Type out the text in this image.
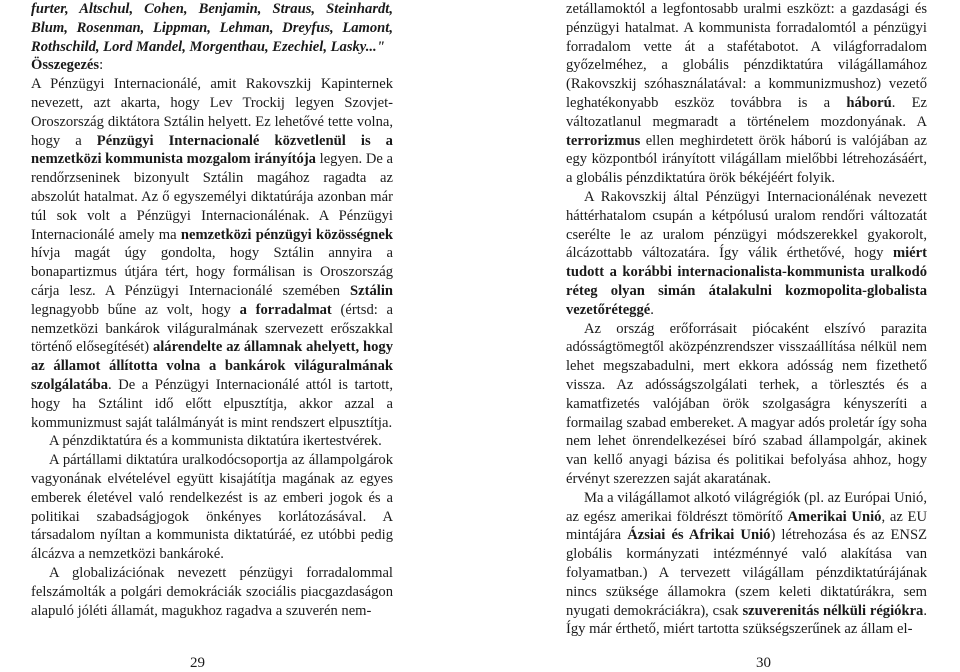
furter, Altschul, Cohen, Benjamin, Straus, Steinhardt, Blum, Rosenman, Lippman, Lehman, Dreyfus, Lamont, Rothschild, Lord Mandel, Morgenthau, Ezechiel, Lasky..."

Összegezés:

A Pénzügyi Internacionálé, amit Rakovszkij Kapinternek nevezett, azt akarta, hogy Lev Trockij legyen Szovjet-Oroszország diktátora Sztálin helyett. Ez lehetővé tette volna, hogy a Pénzügyi Internacionalé közvetlenül is a nemzetközi kommunista mozgalom irányítója legyen. De a rendőrzseninek bizonyult Sztálin magához ragadta az abszolút hatalmat. Az ő egyszemélyi diktatúrája azonban már túl sok volt a Pénzügyi Internacionálénak. A Pénzügyi Internacionálé amely ma nemzetközi pénzügyi közösségnek hívja magát úgy gondolta, hogy Sztálin annyira a bonapartizmus útjára tért, hogy formálisan is Oroszország cárja lesz. A Pénzügyi Internacionálé szemében Sztálin legnagyobb bűne az volt, hogy a forradalmat (értsd: a nemzetközi bankárok világuralmának szervezett erőszakkal történő elősegítését) alárendelte az államnak ahelyett, hogy az államot állította volna a bankárok világuralmának szolgálatába. De a Pénzügyi Internacionálé attól is tartott, hogy ha Sztálint idő előtt elpusztítja, akkor azzal a kommunizmust saját találmányát is mint rendszert elpusztítja.

A pénzdiktatúra és a kommunista diktatúra ikertestvérek.

A pártállami diktatúra uralkodócsoportja az állampolgárok vagyonának elvételével együtt kisajátítja magának az egyes emberek életével való rendelkezést is az emberi jogok és a politikai szabadságjogok önkényes korlátozásával. A társadalom nyíltan a kommunista diktatúráé, ez utóbbi pedig álcázva a nemzetközi bankároké.

A globalizációnak nevezett pénzügyi forradalommal felszámolták a polgári demokráciák szociális piacgazdaságon alapuló jóléti államát, magukhoz ragadva a szuverén nem-

zetállamoktól a legfontosabb uralmi eszközt: a gazdasági és pénzügyi hatalmat. A kommunista forradalomtól a pénzügyi forradalom vette át a stafétabotot. A világforradalom győzelméhez, a globális pénzdiktatúra világállamához (Rakovszkij szóhasználatával: a kommunizmushoz) vezető leghatékonyabb eszköz továbbra is a háború. Ez változatlanul megmaradt a történelem mozdonyának. A terrorizmus ellen meghirdetett örök háború is valójában az egy központból irányított világállam mielőbbi létrehozásáért, a globális pénzdiktatúra örök békéjéért folyik.

A Rakovszkij által Pénzügyi Internacionálénak nevezett háttérhatalom csupán a kétpólusú uralom rendőri változatát cserélte le az uralom pénzügyi módszerekkel gyakorolt, álcázottabb változatára. Így válik érthetővé, hogy miért tudott a korábbi internacionalista-kommunista uralkodó réteg olyan simán átalakulni kozmopolita-globalista vezetőréteggé.

Az ország erőforrásait piócaként elszívó parazita adósságtömegtől aközpénzrendszer visszaállítása nélkül nem lehet megszabadulni, mert ekkora adósság nem fizethető vissza. Az adósságszolgálati terhek, a törlesztés és a kamatfizetés valójában örök szolgaságra kényszeríti a formailag szabad embereket. A magyar adós proletár így soha nem lehet önrendelkezései bíró szabad állampolgár, akinek van kellő anyagi bázisa és politikai befolyása ahhoz, hogy érvényt szerezzen saját akaratának.

Ma a világállamot alkotó világrégiók (pl. az Európai Unió, az egész amerikai földrészt tömörítő Amerikai Unió, az EU mintájára Ázsiai és Afrikai Unió) létrehozása és az ENSZ globális kormányzati intézménnyé való alakítása van folyamatban.) A tervezett világállam pénzdiktatúrájának nincs szüksége államokra (szem keleti diktatúrákra, sem nyugati demokráciákra), csak szuverenitás nélküli régiókra. Így már érthető, miért tartotta szükségszerűnek az állam el-

29	30
